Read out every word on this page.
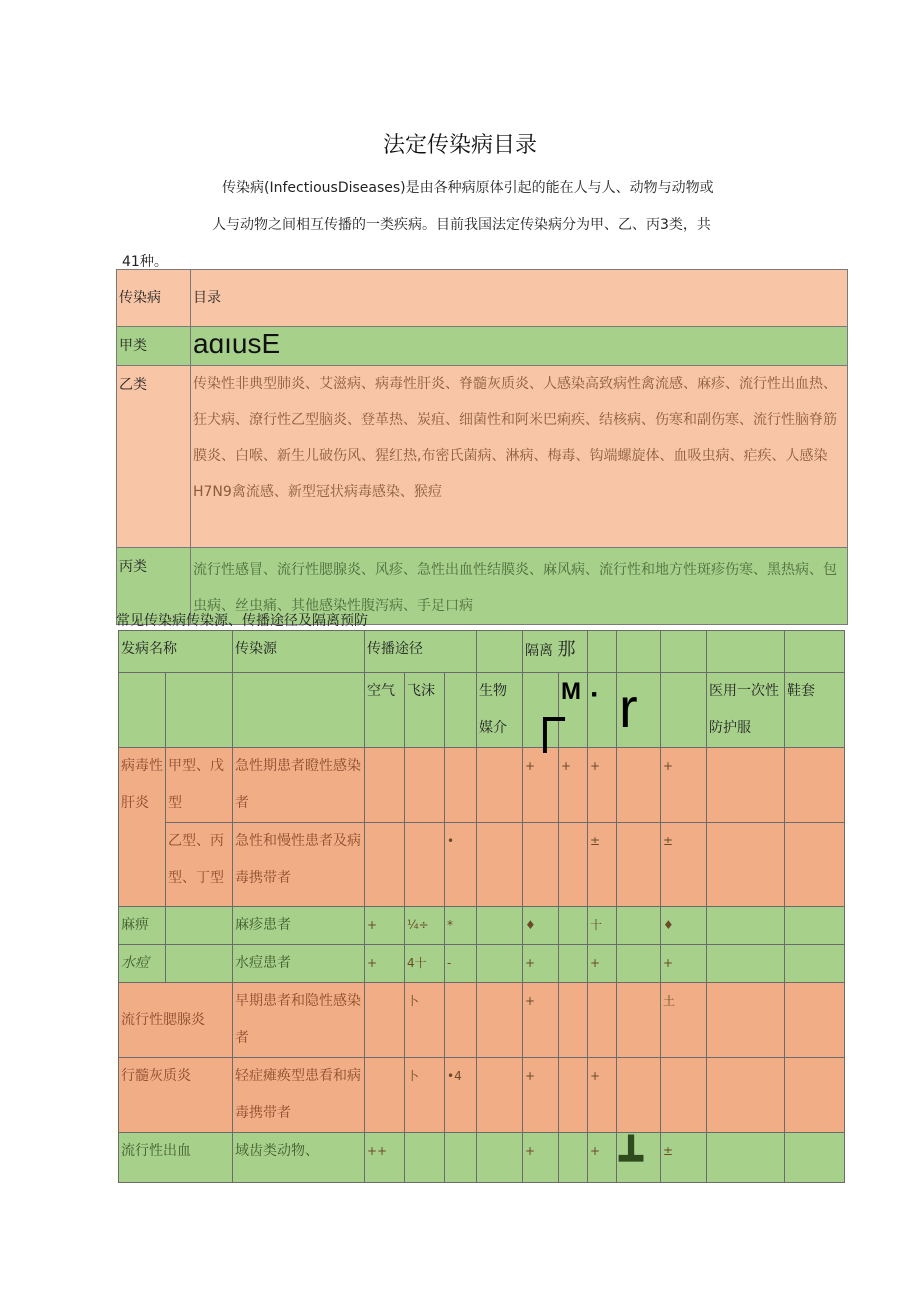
法定传染病目录
传染病(InfectiousDiseases)是由各种病原体引起的能在人与人、动物与动物或
人与动物之间相互传播的一类疾病。目前我国法定传染病分为甲、乙、丙3类，共
41种。
传染病	目录
甲类	aɑıusE
乙类	传染性非典型肺炎、艾滋病、病毒性肝炎、脊髓灰质炎、人感染高致病性禽流感、麻疹、流行性出血热、狂犬病、潦行性乙型脑炎、登革热、炭疽、细菌性和阿米巴痢疾、结核病、伤寒和副伤寒、流行性脑脊筋膜炎、白喉、新生儿破伤风、猩红热,布密氏菌病、淋病、梅毒、钩端螺旋体、血吸虫病、疟疾、人感染H7N9禽流感、新型冠状病毒感染、猴痘
丙类	流行性感冒、流行性腮腺炎、风疹、急性出血性结膜炎、麻风病、流行性和地方性斑疹伤寒、黑热病、包虫病、丝虫痛、其他感染性腹泻病、手足口病
常见传染病传染源、传播途径及隔离预防
发病名称		传染源	传播途径				隔离 那						
			空气	飞沫		生物媒介	┌	M	·	r		医用一次性防护服	鞋套
病毒性肝炎	甲型、戊型	急性期患者瞪性感染者					+	+	+		+		
	乙型、丙型、丁型	急性和慢性患者及病毒携带者			•				±		±		
麻痹		麻疹患者	+	¼÷	*		♦		十		♦		
水痘		水痘患者	+	4十	-		+		+		+		
流行性腮腺炎		早期患者和隐性感染者		卜			+				土		
行髓灰质炎		轻症瘫痪型患看和病毒携带者		卜	•4		+		+				
流行性出血		域齿类动物、	++				+		+	┻	±		
